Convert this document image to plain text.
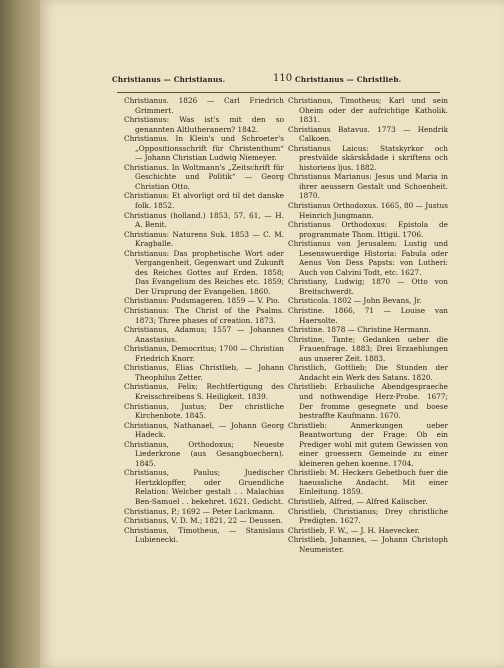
Christianus — Christianus.	110 Christianus — Christlieb.
Christianus. 1826 — Carl Friedrich Grimmert.
Christianus: Was ist's mit den so genannten Altlutheranern? 1842.
Christianus. In Klein's und Schroeter's „Oppositionsschrift für Christenthum“ — Johann Christian Ludwig Niemeyer.
Christianus. In Woltmann's „Zeitschrift für Geschichte und Politik“ — Georg Christian Otto.
Christianus: Et alvorligt ord til det danske folk. 1852.
Christianus (holland.) 1853, 57, 61, — H. A. Benit.
Christianus: Naturens Suk. 1853 — C. M. Kragballe.
Christianus: Das prophetische Wort oder Vergangenheit, Gegenwart und Zukunft des Reiches Gottes auf Erden. 1858; Das Evangelium des Reiches etc. 1859; Der Ursprung der Evangelien. 1860.
Christianus: Pudsmageren. 1859 — V. Pio.
Christianus: The Christ of the Psalms. 1873; Three phases of creation. 1873.
Christianus, Adamus; 1557 — Johannes Anastasius.
Christianus, Democritus; 1700 — Christian Friedrich Knorr.
Christianus, Elias Christlieb, — Johann Theophilus Zetter.
Christianus, Felix; Rechtfertigung des Kreisschreibens S. Heiligkeit. 1839.
Christianus, Justus; Der christliche Kirchenbote. 1845.
Christianus, Nathanael, — Johann Georg Hadeck.
Christianus, Orthodoxus; Neueste Liederkrone (aus Gesangbuechern). 1845.
Christianus, Paulus; Juedischer Hertzklopffer, oder Gruendliche Relation: Welcher gestalt . . Malachias Ben-Samuel . . bekehret. 1621. Gedicht.
Christianus, P.; 1692 — Peter Lackmann.
Christianus, V. D. M.; 1821, 22 — Deussen.
Christianus, Timotheus, — Stanislaus Lubienecki.
Christianus, Timotheus; Karl und sein Oheim oder der aufrichtige Katholik. 1831.
Christianus Batavus. 1773 — Hendrik Calkoen.
Christianus Laicus: Statskyrkor och prestvälde skärskådade i skriftens och historiens ljus. 1882.
Christianus Marianus: Jesus und Maria in ihrer aeussern Gestalt und Schoenheit. 1870.
Christianus Orthodoxus. 1665, 80 — Justus Heinrich Jungmann.
Christianus Orthodoxus: Epistola de programmate Thom. Ittigii. 1706.
Christianus von Jerusalem: Lustig und Lesenswuerdige Historia: Fabula oder Aenus Von Dess Papsts: von Lutheri: Auch von Calvini Todt, etc. 1627.
Christiany, Ludwig; 1870 — Otto von Breitschwerdt.
Christicola. 1802 — John Bevans, Jr.
Christine. 1866, 71 — Louise van Haersolte.
Christine. 1878 — Christine Hermann.
Christine, Tante; Gedanken ueber die Frauenfrage. 1883; Drei Erzaehlungen aus unserer Zeit. 1883.
Christlich, Gottlieb; Die Stunden der Andacht ein Werk des Satans. 1820.
Christlieb: Erbauliche Abendgespraeche und nothwendige Herz-Probe. 1677; Der fromme gesegnete und boese bestraffte Kaufmann. 1670.
Christlieb: Anmerkungen ueber Beantwortung der Frage: Ob ein Prediger wohl mit gutem Gewissen von einer groessern Gemeinde zu einer kleineren gehen koenne. 1704.
Christlieb: M. Heckers Gebetbuch fuer die haeussliche Andacht. Mit einer Einleitung. 1859.
Christlieb, Alfred, — Alfred Kalischer.
Christlieb, Christianus; Drey christliche Predigten. 1627.
Christlieb, F. W., — J. H. Haevecker.
Christlieb, Johannes, — Johann Christoph Neumeister.
